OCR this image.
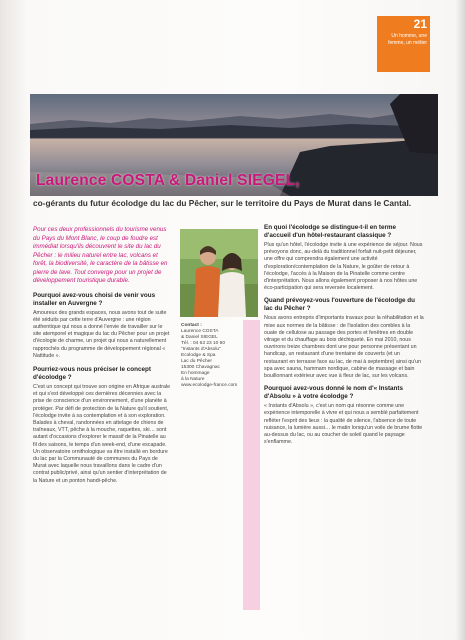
21
Un homme, une femme, un métier
Laurence COSTA & Daniel SIEGEL,
co-gérants du futur écolodge du lac du Pêcher, sur le territoire du Pays de Murat dans le Cantal.
Pour ces deux professionnels du tourisme venus du Pays du Mont Blanc, le coup de foudre est immédiat lorsqu'ils découvrent le site du lac du Pêcher : le milieu naturel entre lac, volcans et forêt, la biodiversité, le caractère de la bâtisse en pierre de lave. Tout converge pour un projet de développement touristique durable.
Pourquoi avez-vous choisi de venir vous installer en Auvergne ?
Amoureux des grands espaces, nous avons tout de suite été séduits par cette terre d'Auvergne : une région authentique qui nous a donné l'envie de travailler sur le site atemporel et magique du lac du Pêcher pour un projet d'écologie de charme, un projet qui nous a naturellement rapprochés du programme de développement régional « Nattitude ».
Pourriez-vous nous préciser le concept d'écolodge ?
C'est un concept qui trouve son origine en Afrique australe et qui s'est développé ces dernières décennies avec la prise de conscience d'un environnement, d'une planète à protéger. Par défi de protection de la Nature qu'il soutient, l'écolodge invite à sa contemplation et à son exploration. Balades à cheval, randonnées en attelage de chiens de traîneaux, VTT, pêche à la mouche, raquettes, ski… sont autant d'occasions d'explorer le massif de la Pinatelle au fil des saisons, le temps d'un week-end, d'une escapade. Un observatoire ornithologique va être installé en bordure du lac par la Communauté de communes du Pays de Murat avec laquelle nous travaillons dans le cadre d'un contrat public/privé, ainsi qu'un sentier d'interprétation de la Nature et un ponton handi-pêche.
Contact :
Laurence COSTA
& Daniel SIEGEL
Tél. : 04 63 23 10 60
"Instants d'Absolu"
Ecolodge & Spa
Lac du Pêcher
15300 Chavagnac
En hommage
à la Nature
www.ecolodge-france.com
En quoi l'écolodge se distingue-t-il en terme d'accueil d'un hôtel-restaurant classique ?
Plus qu'un hôtel, l'écolodge invite à une expérience de séjour. Nous prévoyons donc, au-delà du traditionnel forfait nuit-petit déjeuner, une offre qui comprendra également une activité d'exploration/contemplation de la Nature, le goûter de retour à l'écolodge, l'accès à la Maison de la Pinatelle comme centre d'interprétation. Nous allons également proposer à nos hôtes une éco-participation qui sera reversée localement.
Quand prévoyez-vous l'ouverture de l'écolodge du lac du Pêcher ?
Nous avons entrepris d'importants travaux pour la réhabilitation et la mise aux normes de la bâtisse : de l'isolation des combles à la ouate de cellulose au passage des portes et fenêtres en double vitrage et du chauffage au bois déchiqueté. En mai 2010, nous ouvrirons treize chambres dont une pour personne présentant un handicap, un restaurant d'une trentaine de couverts (et un restaurant en terrasse face au lac, de mai à septembre) ainsi qu'un spa avec sauna, hammam nordique, cabine de massage et bain bouillonnant extérieur avec vue à fleur de lac, sur les volcans.
Pourquoi avez-vous donné le nom d'« Instants d'Absolu » à votre écolodge ?
« Instants d'Absolu », c'est un nom qui résonne comme une expérience intemporelle à vivre et qui nous a semblé parfaitement refléter l'esprit des lieux : la qualité de silence, l'absence de toute nuisance, la lumière aussi… le matin lorsqu'un voile de brume flotte au-dessus du lac, ou au coucher de soleil quand le paysage s'enflamme.
